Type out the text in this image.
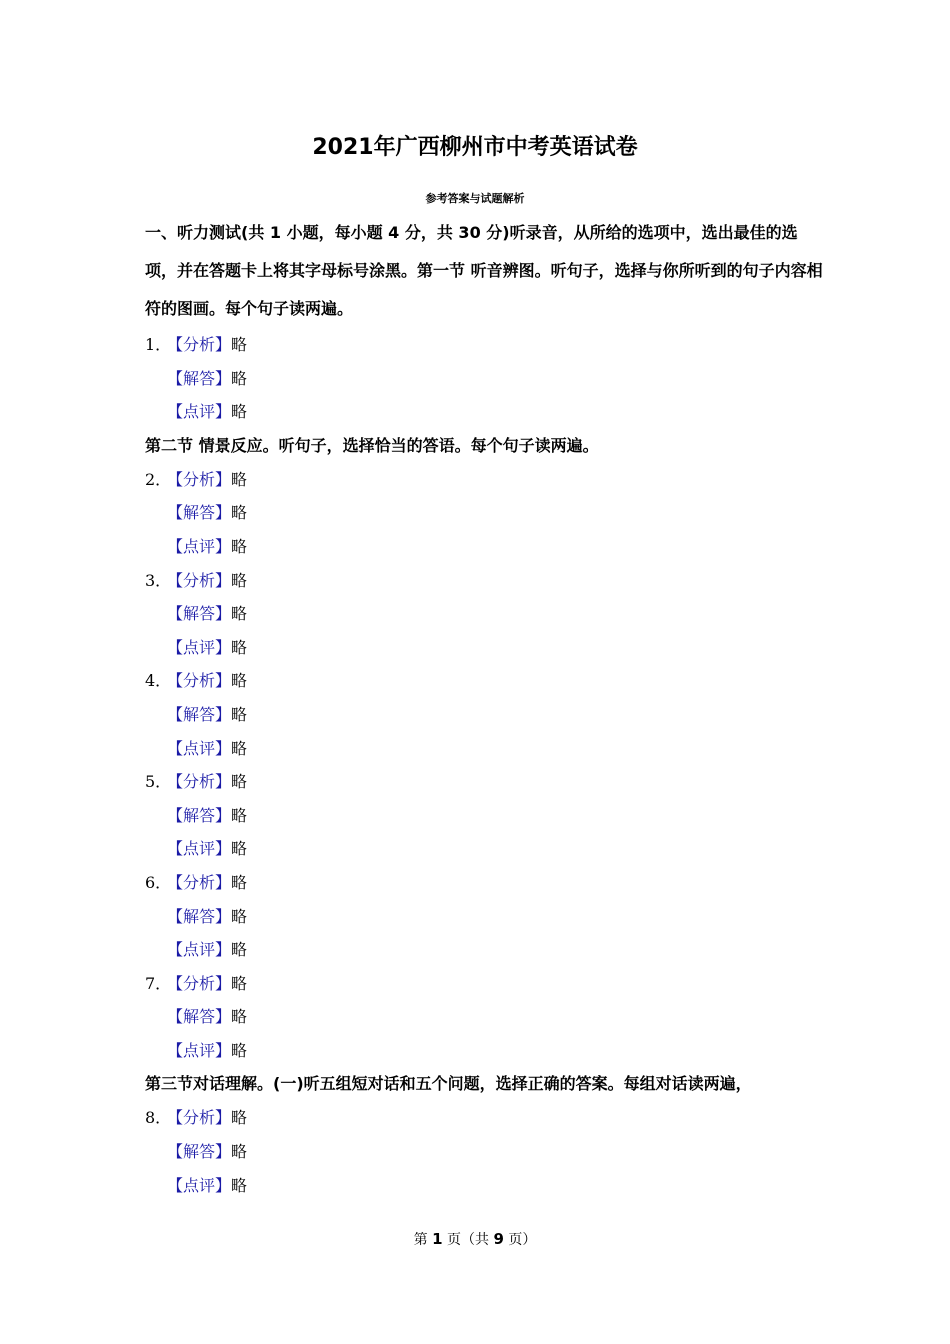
2021年广西柳州市中考英语试卷
参考答案与试题解析
一、听力测试(共 1 小题，每小题 4 分，共 30 分)听录音，从所给的选项中，选出最佳的选项，并在答题卡上将其字母标号涂黑。第一节 听音辨图。听句子，选择与你所听到的句子内容相符的图画。每个句子读两遍。
1．【分析】略
【解答】略
【点评】略
第二节 情景反应。听句子，选择恰当的答语。每个句子读两遍。
2．【分析】略
【解答】略
【点评】略
3．【分析】略
【解答】略
【点评】略
4．【分析】略
【解答】略
【点评】略
5．【分析】略
【解答】略
【点评】略
6．【分析】略
【解答】略
【点评】略
7．【分析】略
【解答】略
【点评】略
第三节对话理解。(一)听五组短对话和五个问题，选择正确的答案。每组对话读两遍，
8．【分析】略
【解答】略
【点评】略
第 1 页（共 9 页）
